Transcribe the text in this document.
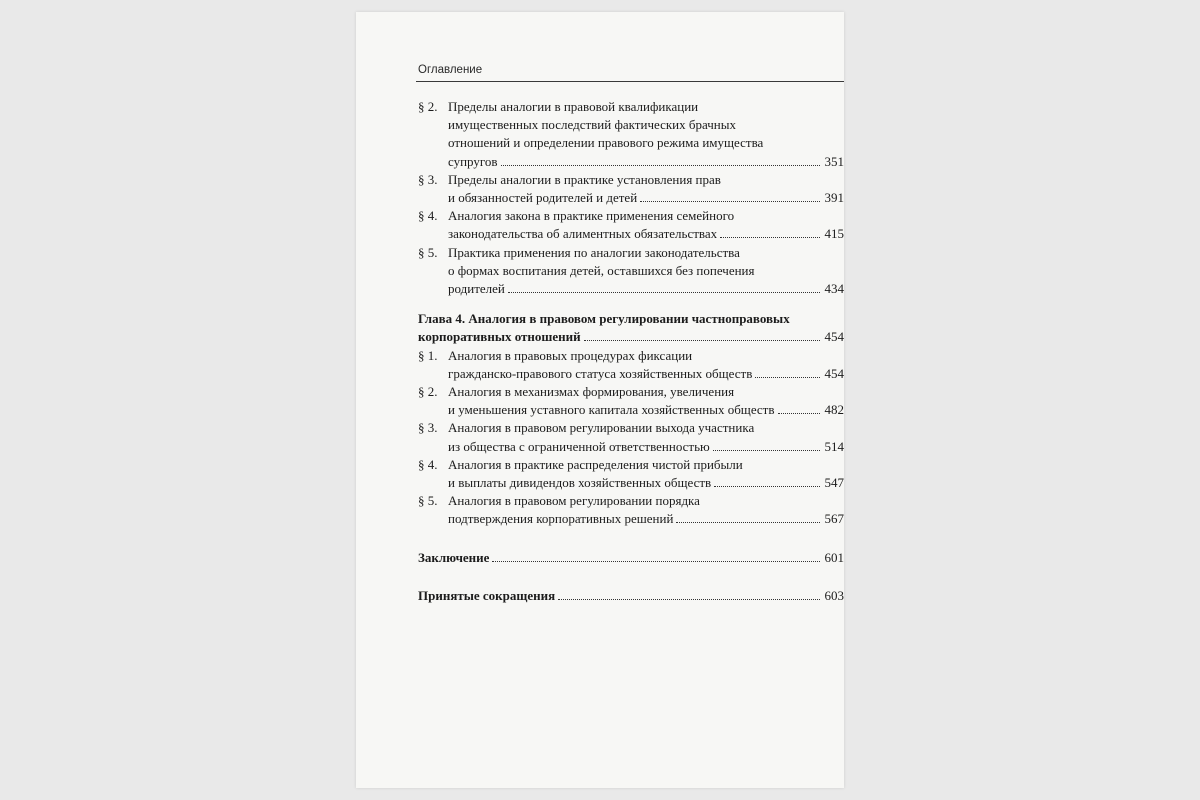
Оглавление
§ 2. Пределы аналогии в правовой квалификации
имущественных последствий фактических брачных
отношений и определении правового режима имущества
супругов	351
§ 3. Пределы аналогии в практике установления прав
и обязанностей родителей и детей	391
§ 4. Аналогия закона в практике применения семейного
законодательства об алиментных обязательствах	415
§ 5. Практика применения по аналогии законодательства
о формах воспитания детей, оставшихся без попечения
родителей	434
Глава 4. Аналогия в правовом регулировании частноправовых
корпоративных отношений	454
§ 1. Аналогия в правовых процедурах фиксации
гражданско-правового статуса хозяйственных обществ	454
§ 2. Аналогия в механизмах формирования, увеличения
и уменьшения уставного капитала хозяйственных обществ	482
§ 3. Аналогия в правовом регулировании выхода участника
из общества с ограниченной ответственностью	514
§ 4. Аналогия в практике распределения чистой прибыли
и выплаты дивидендов хозяйственных обществ	547
§ 5. Аналогия в правовом регулировании порядка
подтверждения корпоративных решений	567
Заключение	601
Принятые сокращения	603
